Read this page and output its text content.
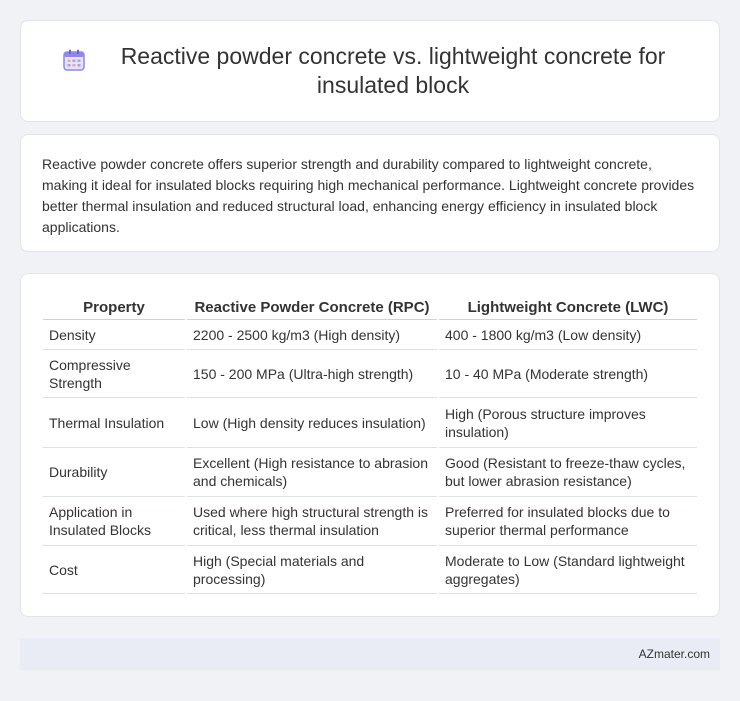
Reactive powder concrete vs. lightweight concrete for insulated block

Reactive powder concrete offers superior strength and durability compared to lightweight concrete, making it ideal for insulated blocks requiring high mechanical performance. Lightweight concrete provides better thermal insulation and reduced structural load, enhancing energy efficiency in insulated block applications.

Property	Reactive Powder Concrete (RPC)	Lightweight Concrete (LWC)
Density	2200 - 2500 kg/m3 (High density)	400 - 1800 kg/m3 (Low density)
Compressive Strength	150 - 200 MPa (Ultra-high strength)	10 - 40 MPa (Moderate strength)
Thermal Insulation	Low (High density reduces insulation)	High (Porous structure improves insulation)
Durability	Excellent (High resistance to abrasion and chemicals)	Good (Resistant to freeze-thaw cycles, but lower abrasion resistance)
Application in Insulated Blocks	Used where high structural strength is critical, less thermal insulation	Preferred for insulated blocks due to superior thermal performance
Cost	High (Special materials and processing)	Moderate to Low (Standard lightweight aggregates)
AZmater.com
